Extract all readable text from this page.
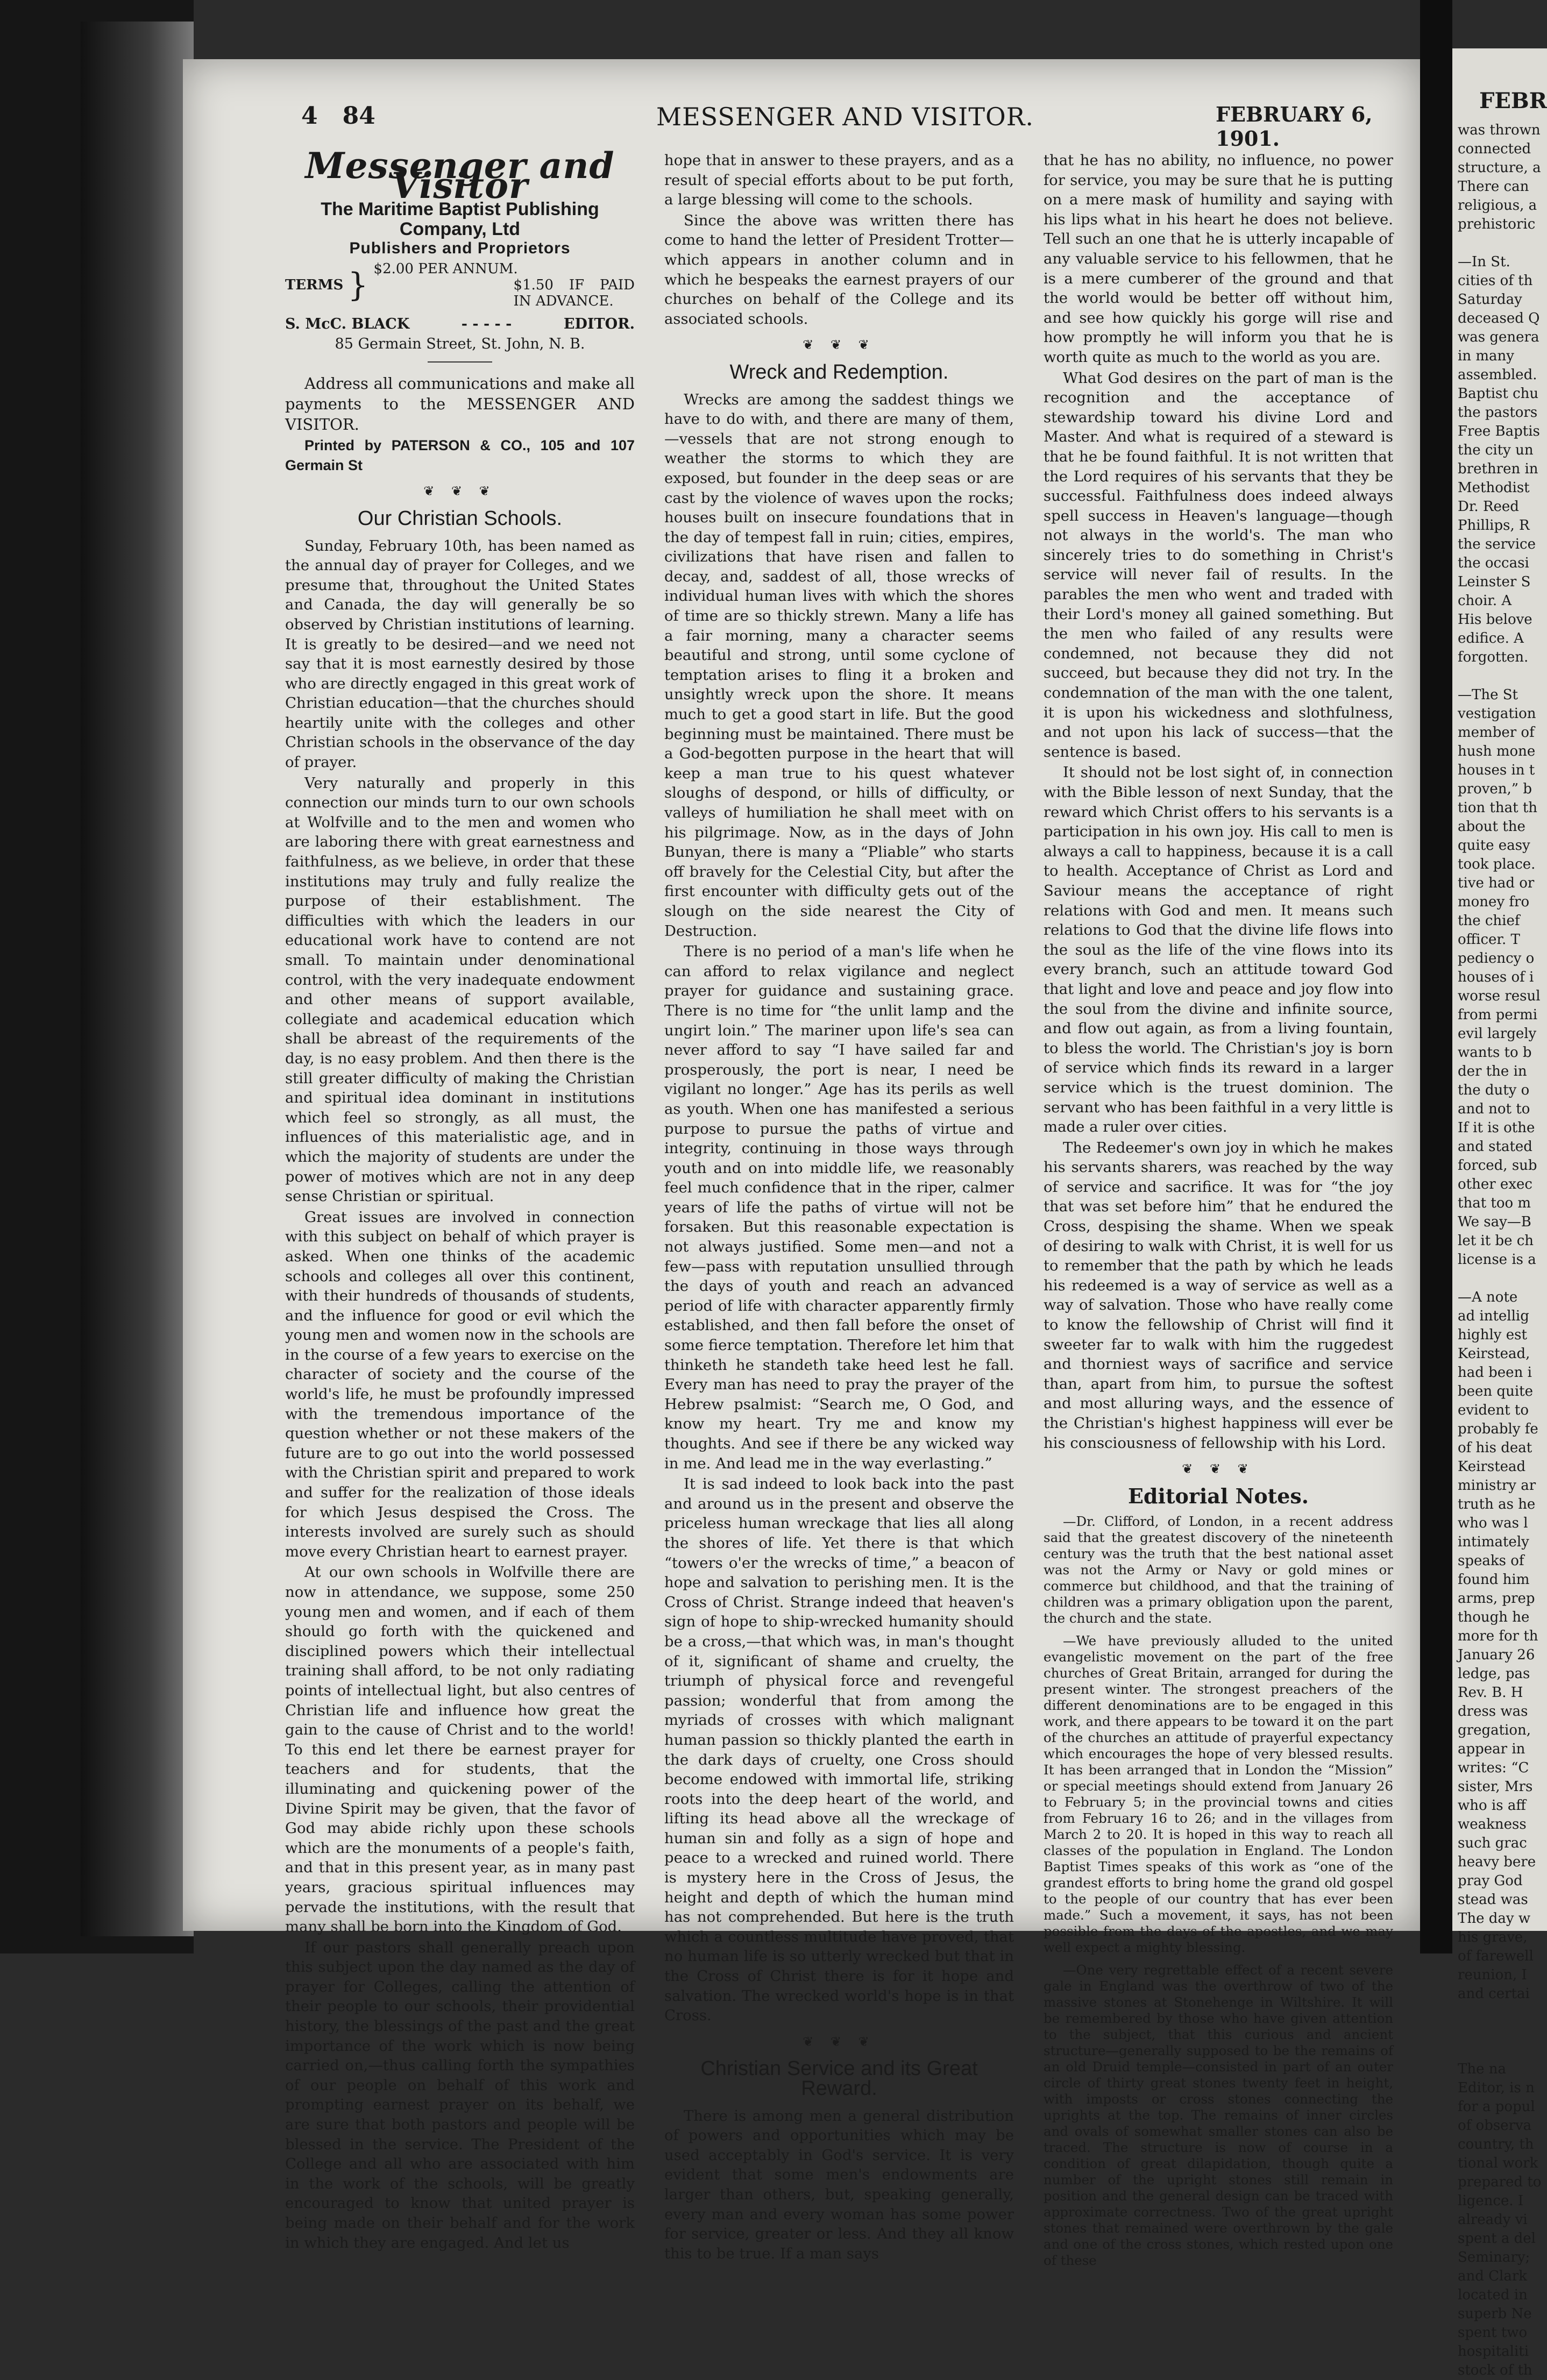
4 84	MESSENGER AND VISITOR.	FEBRUARY 6, 1901.
Messenger and Visitor
The Maritime Baptist Publishing Company, Ltd
Publishers and Proprietors
TERMS } $2.00 PER ANNUM.
$1.50 IF PAID IN ADVANCE.
S. McC. BLACK	- - - - -	EDITOR.
85 Germain Street, St. John, N. B.

Address all communications and make all payments to the MESSENGER AND VISITOR.

Printed by PATERSON & CO., 105 and 107 Germain St

❦ ❦ ❦
Our Christian Schools.

Sunday, February 10th, has been named as the annual day of prayer for Colleges, and we presume that, throughout the United States and Canada, the day will generally be so observed by Christian institutions of learning. It is greatly to be desired—and we need not say that it is most earnestly desired by those who are directly engaged in this great work of Christian education—that the churches should heartily unite with the colleges and other Christian schools in the observance of the day of prayer.

Very naturally and properly in this connection our minds turn to our own schools at Wolfville and to the men and women who are laboring there with great earnestness and faithfulness, as we believe, in order that these institutions may truly and fully realize the purpose of their establishment. The difficulties with which the leaders in our educational work have to contend are not small. To maintain under denominational control, with the very inadequate endowment and other means of support available, collegiate and academical education which shall be abreast of the requirements of the day, is no easy problem. And then there is the still greater difficulty of making the Christian and spiritual idea dominant in institutions which feel so strongly, as all must, the influences of this materialistic age, and in which the majority of students are under the power of motives which are not in any deep sense Christian or spiritual.

Great issues are involved in connection with this subject on behalf of which prayer is asked. When one thinks of the academic schools and colleges all over this continent, with their hundreds of thousands of students, and the influence for good or evil which the young men and women now in the schools are in the course of a few years to exercise on the character of society and the course of the world's life, he must be profoundly impressed with the tremendous importance of the question whether or not these makers of the future are to go out into the world possessed with the Christian spirit and prepared to work and suffer for the realization of those ideals for which Jesus despised the Cross. The interests involved are surely such as should move every Christian heart to earnest prayer.

At our own schools in Wolfville there are now in attendance, we suppose, some 250 young men and women, and if each of them should go forth with the quickened and disciplined powers which their intellectual training shall afford, to be not only radiating points of intellectual light, but also centres of Christian life and influence how great the gain to the cause of Christ and to the world! To this end let there be earnest prayer for teachers and for students, that the illuminating and quickening power of the Divine Spirit may be given, that the favor of God may abide richly upon these schools which are the monuments of a people's faith, and that in this present year, as in many past years, gracious spiritual influences may pervade the institutions, with the result that many shall be born into the Kingdom of God.

If our pastors shall generally preach upon this subject upon the day named as the day of prayer for Colleges, calling the attention of their people to our schools, their providential history, the blessings of the past and the great importance of the work which is now being carried on,—thus calling forth the sympathies of our people on behalf of this work and prompting earnest prayer on its behalf, we are sure that both pastors and people will be blessed in the service. The President of the College and all who are associated with him in the work of the schools, will be greatly encouraged to know that united prayer is being made on their behalf and for the work in which they are engaged. And let us

hope that in answer to these prayers, and as a result of special efforts about to be put forth, a large blessing will come to the schools.

Since the above was written there has come to hand the letter of President Trotter—which appears in another column and in which he bespeaks the earnest prayers of our churches on behalf of the College and its associated schools.

❦ ❦ ❦
Wreck and Redemption.

Wrecks are among the saddest things we have to do with, and there are many of them,—vessels that are not strong enough to weather the storms to which they are exposed, but founder in the deep seas or are cast by the violence of waves upon the rocks; houses built on insecure foundations that in the day of tempest fall in ruin; cities, empires, civilizations that have risen and fallen to decay, and, saddest of all, those wrecks of individual human lives with which the shores of time are so thickly strewn. Many a life has a fair morning, many a character seems beautiful and strong, until some cyclone of temptation arises to fling it a broken and unsightly wreck upon the shore. It means much to get a good start in life. But the good beginning must be maintained. There must be a God-begotten purpose in the heart that will keep a man true to his quest whatever sloughs of despond, or hills of difficulty, or valleys of humiliation he shall meet with on his pilgrimage. Now, as in the days of John Bunyan, there is many a “Pliable” who starts off bravely for the Celestial City, but after the first encounter with difficulty gets out of the slough on the side nearest the City of Destruction.

There is no period of a man's life when he can afford to relax vigilance and neglect prayer for guidance and sustaining grace. There is no time for “the unlit lamp and the ungirt loin.” The mariner upon life's sea can never afford to say “I have sailed far and prosperously, the port is near, I need be vigilant no longer.” Age has its perils as well as youth. When one has manifested a serious purpose to pursue the paths of virtue and integrity, continuing in those ways through youth and on into middle life, we reasonably feel much confidence that in the riper, calmer years of life the paths of virtue will not be forsaken. But this reasonable expectation is not always justified. Some men—and not a few—pass with reputation unsullied through the days of youth and reach an advanced period of life with character apparently firmly established, and then fall before the onset of some fierce temptation. Therefore let him that thinketh he standeth take heed lest he fall. Every man has need to pray the prayer of the Hebrew psalmist: “Search me, O God, and know my heart. Try me and know my thoughts. And see if there be any wicked way in me. And lead me in the way everlasting.”

It is sad indeed to look back into the past and around us in the present and observe the priceless human wreckage that lies all along the shores of life. Yet there is that which “towers o'er the wrecks of time,” a beacon of hope and salvation to perishing men. It is the Cross of Christ. Strange indeed that heaven's sign of hope to ship-wrecked humanity should be a cross,—that which was, in man's thought of it, significant of shame and cruelty, the triumph of physical force and revengeful passion; wonderful that from among the myriads of crosses with which malignant human passion so thickly planted the earth in the dark days of cruelty, one Cross should become endowed with immortal life, striking roots into the deep heart of the world, and lifting its head above all the wreckage of human sin and folly as a sign of hope and peace to a wrecked and ruined world. There is mystery here in the Cross of Jesus, the height and depth of which the human mind has not comprehended. But here is the truth which a countless multitude have proved, that no human life is so utterly wrecked but that in the Cross of Christ there is for it hope and salvation. The wrecked world's hope is in that Cross.

❦ ❦ ❦
Christian Service and its Great Reward.

There is among men a general distribution of powers and opportunities which may be used acceptably in God's service. It is very evident that some men's endowments are larger than others, but, speaking generally, every man and every woman has some power for service, greater or less. And they all know this to be true. If a man says

that he has no ability, no influence, no power for service, you may be sure that he is putting on a mere mask of humility and saying with his lips what in his heart he does not believe. Tell such an one that he is utterly incapable of any valuable service to his fellowmen, that he is a mere cumberer of the ground and that the world would be better off without him, and see how quickly his gorge will rise and how promptly he will inform you that he is worth quite as much to the world as you are.

What God desires on the part of man is the recognition and the acceptance of stewardship toward his divine Lord and Master. And what is required of a steward is that he be found faithful. It is not written that the Lord requires of his servants that they be successful. Faithfulness does indeed always spell success in Heaven's language—though not always in the world's. The man who sincerely tries to do something in Christ's service will never fail of results. In the parables the men who went and traded with their Lord's money all gained something. But the men who failed of any results were condemned, not because they did not succeed, but because they did not try. In the condemnation of the man with the one talent, it is upon his wickedness and slothfulness, and not upon his lack of success—that the sentence is based.

It should not be lost sight of, in connection with the Bible lesson of next Sunday, that the reward which Christ offers to his servants is a participation in his own joy. His call to men is always a call to happiness, because it is a call to health. Acceptance of Christ as Lord and Saviour means the acceptance of right relations with God and men. It means such relations to God that the divine life flows into the soul as the life of the vine flows into its every branch, such an attitude toward God that light and love and peace and joy flow into the soul from the divine and infinite source, and flow out again, as from a living fountain, to bless the world. The Christian's joy is born of service which finds its reward in a larger service which is the truest dominion. The servant who has been faithful in a very little is made a ruler over cities.

The Redeemer's own joy in which he makes his servants sharers, was reached by the way of service and sacrifice. It was for “the joy that was set before him” that he endured the Cross, despising the shame. When we speak of desiring to walk with Christ, it is well for us to remember that the path by which he leads his redeemed is a way of service as well as a way of salvation. Those who have really come to know the fellowship of Christ will find it sweeter far to walk with him the ruggedest and thorniest ways of sacrifice and service than, apart from him, to pursue the softest and most alluring ways, and the essence of the Christian's highest happiness will ever be his consciousness of fellowship with his Lord.

❦ ❦ ❦
Editorial Notes.

—Dr. Clifford, of London, in a recent address said that the greatest discovery of the nineteenth century was the truth that the best national asset was not the Army or Navy or gold mines or commerce but childhood, and that the training of children was a primary obligation upon the parent, the church and the state.

—We have previously alluded to the united evangelistic movement on the part of the free churches of Great Britain, arranged for during the present winter. The strongest preachers of the different denominations are to be engaged in this work, and there appears to be toward it on the part of the churches an attitude of prayerful expectancy which encourages the hope of very blessed results. It has been arranged that in London the “Mission” or special meetings should extend from January 26 to February 5; in the provincial towns and cities from February 16 to 26; and in the villages from March 2 to 20. It is hoped in this way to reach all classes of the population in England. The London Baptist Times speaks of this work as “one of the grandest efforts to bring home the grand old gospel to the people of our country that has ever been made.” Such a movement, it says, has not been possible from the days of the apostles, and we may well expect a mighty blessing.

—One very regrettable effect of a recent severe gale in England was the overthrow of two of the massive stones at Stonehenge in Wiltshire. It will be remembered by those who have given attention to the subject, that this curious and ancient structure—generally supposed to be the remains of an old Druid temple—consisted in part of an outer circle of thirty great stones twenty feet in height, with imposts or cross stones connecting the uprights at the top. The remains of inner circles and ovals of somewhat smaller stones can also be traced. The structure is now of course in a condition of great dilapidation, though quite a number of the upright stones still remain in position and the general design can be traced with approximate correctness. Two of the great upright stones that remained were overthrown by the gale and one of the cross stones, which rested upon one of these

FEBR
was thrown
connected
structure, a
There can
religious, a
prehistoric

—In St.
cities of th
Saturday
deceased Q
was genera
in many
assembled.
Baptist chu
the pastors
Free Baptis
the city un
brethren in
Methodist
Dr. Reed
Phillips, R
the service
the occasi
Leinster S
choir. A
His belove
edifice. A
forgotten.

—The St
vestigation
member of
hush mone
houses in t
proven,” b
tion that th
about the
quite easy
took place.
tive had or
money fro
the chief
officer. T
pediency o
houses of i
worse resul
from permi
evil largely
wants to b
der the in
the duty o
and not to
If it is othe
and stated
forced, sub
other exec
that too m
We say—B
let it be ch
license is a

—A note
ad intellig
highly est
Keirstead,
had been i
been quite
evident to
probably fe
of his deat
Keirstead
ministry ar
truth as he
who was l
intimately
speaks of
found him
arms, prep
though he
more for th
January 26
ledge, pas
Rev. B. H
dress was
gregation,
appear in
writes: “C
sister, Mrs
who is aff
weakness
such grac
heavy bere
pray God
stead was
The day w
his grave,
of farewell
reunion, I
and certai

The na
Editor, is n
for a popul
of observa
country, th
tional work
prepared to
ligence. I
already vi
spent a del
Seminary;
and Clark
located in
superb Ne
spent two
hospitaliti
stock of th
